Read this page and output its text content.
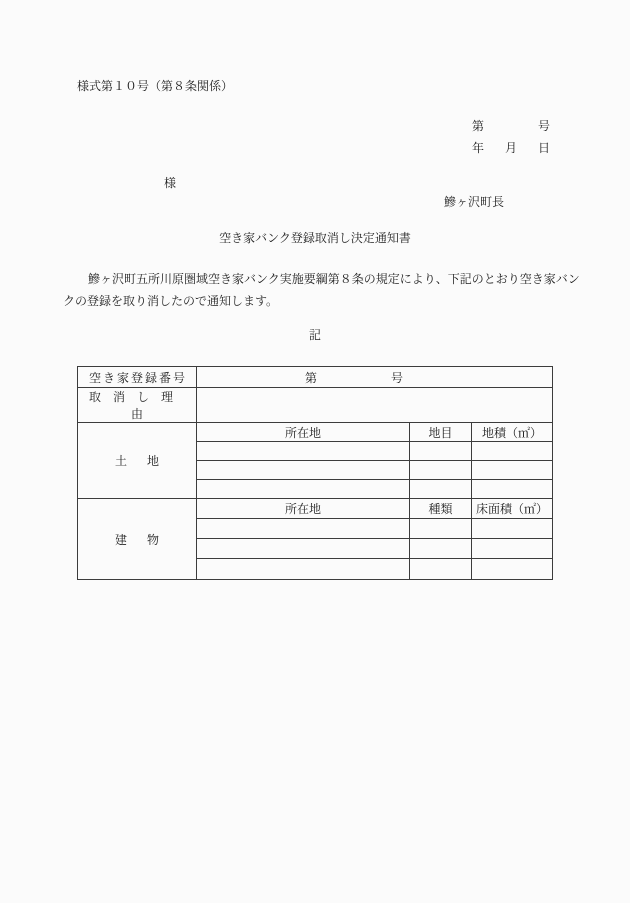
様式第１０号（第８条関係）
第	号
年 月 日
様
鰺ヶ沢町長
空き家バンク登録取消し決定通知書
鰺ヶ沢町五所川原圏域空き家バンク実施要綱第８条の規定により、下記のとおり空き家バン
クの登録を取り消したので通知します。
記
空き家登録番号	第 号		

取消し理由			
土地	所在地	地目	地積（㎡）

建物	所在地	種類	床面積（㎡）
